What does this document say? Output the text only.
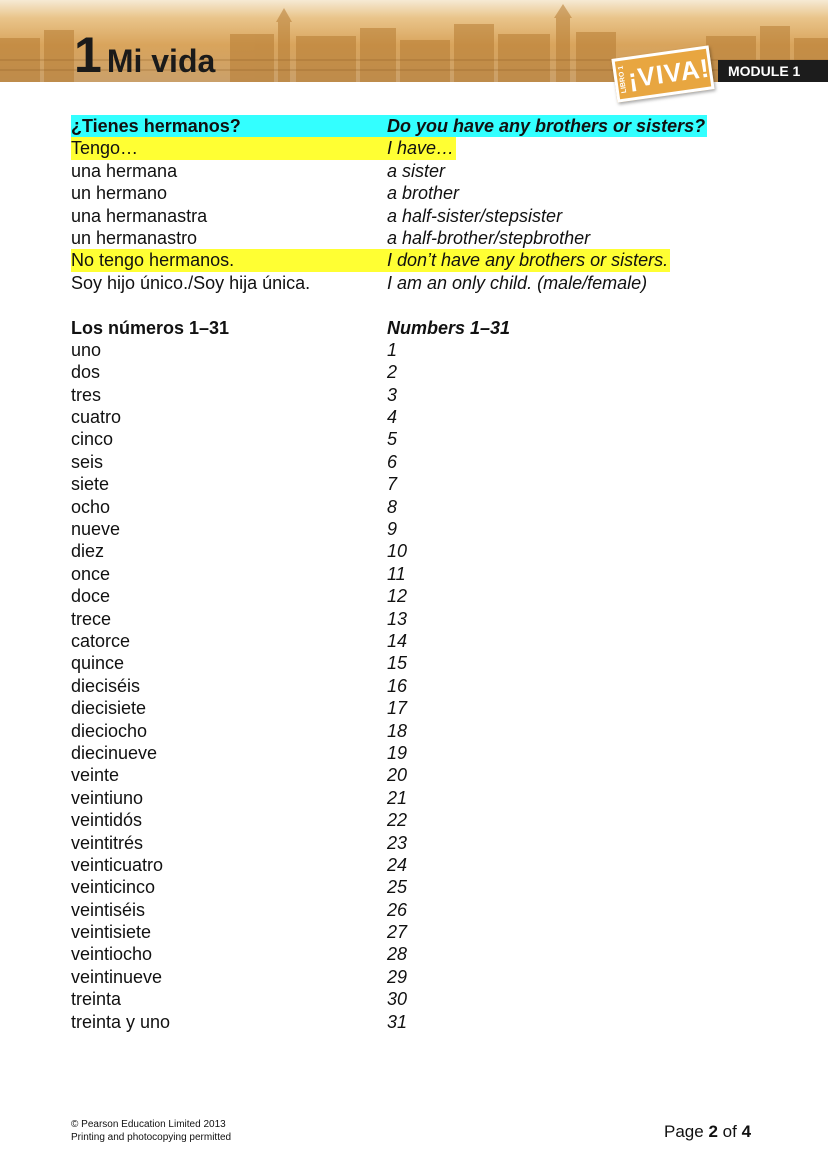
1 Mi vida
LIBRO 1
¡VIVA!	MODULE 1
¿Tienes hermanos?	Do you have any brothers or sisters?
Tengo…	I have…
una hermana	a sister
un hermano	a brother
una hermanastra	a half-sister/stepsister
un hermanastro	a half-brother/stepbrother
No tengo hermanos.	I don’t have any brothers or sisters.
Soy hijo único./Soy hija única.	I am an only child. (male/female)
Los números 1–31	Numbers 1–31
uno	1
dos	2
tres	3
cuatro	4
cinco	5
seis	6
siete	7
ocho	8
nueve	9
diez	10
once	11
doce	12
trece	13
catorce	14
quince	15
dieciséis	16
diecisiete	17
dieciocho	18
diecinueve	19
veinte	20
veintiuno	21
veintidós	22
veintitrés	23
veinticuatro	24
veinticinco	25
veintiséis	26
veintisiete	27
veintiocho	28
veintinueve	29
treinta	30
treinta y uno	31
© Pearson Education Limited 2013
Printing and photocopying permitted	Page 2 of 4
